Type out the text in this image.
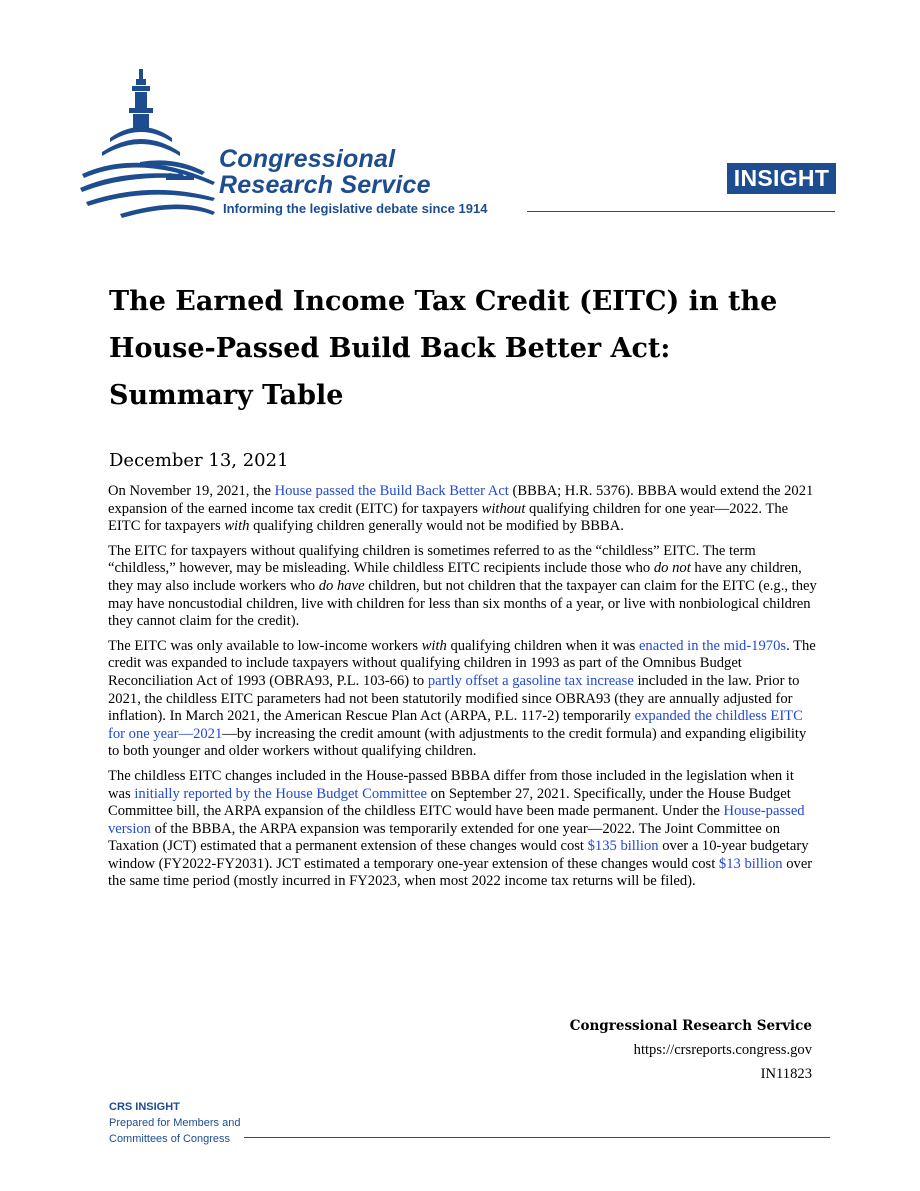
Congressional
Research Service
Informing the legislative debate since 1914
INSIGHT
The Earned Income Tax Credit (EITC) in the
House-Passed Build Back Better Act:
Summary Table
December 13, 2021

On November 19, 2021, the House passed the Build Back Better Act (BBBA; H.R. 5376). BBBA would extend the 2021 expansion of the earned income tax credit (EITC) for taxpayers without qualifying children for one year—2022. The EITC for taxpayers with qualifying children generally would not be modified by BBBA.

The EITC for taxpayers without qualifying children is sometimes referred to as the “childless” EITC. The term “childless,” however, may be misleading. While childless EITC recipients include those who do not have any children, they may also include workers who do have children, but not children that the taxpayer can claim for the EITC (e.g., they may have noncustodial children, live with children for less than six months of a year, or live with nonbiological children they cannot claim for the credit).

The EITC was only available to low-income workers with qualifying children when it was enacted in the mid-1970s. The credit was expanded to include taxpayers without qualifying children in 1993 as part of the Omnibus Budget Reconciliation Act of 1993 (OBRA93, P.L. 103-66) to partly offset a gasoline tax increase included in the law. Prior to 2021, the childless EITC parameters had not been statutorily modified since OBRA93 (they are annually adjusted for inflation). In March 2021, the American Rescue Plan Act (ARPA, P.L. 117-2) temporarily expanded the childless EITC for one year—2021—by increasing the credit amount (with adjustments to the credit formula) and expanding eligibility to both younger and older workers without qualifying children.

The childless EITC changes included in the House-passed BBBA differ from those included in the legislation when it was initially reported by the House Budget Committee on September 27, 2021. Specifically, under the House Budget Committee bill, the ARPA expansion of the childless EITC would have been made permanent. Under the House-passed version of the BBBA, the ARPA expansion was temporarily extended for one year—2022. The Joint Committee on Taxation (JCT) estimated that a permanent extension of these changes would cost $135 billion over a 10-year budgetary window (FY2022-FY2031). JCT estimated a temporary one-year extension of these changes would cost $13 billion over the same time period (mostly incurred in FY2023, when most 2022 income tax returns will be filed).

Congressional Research Service
https://crsreports.congress.gov
IN11823
CRS INSIGHT
Prepared for Members and
Committees of Congress
